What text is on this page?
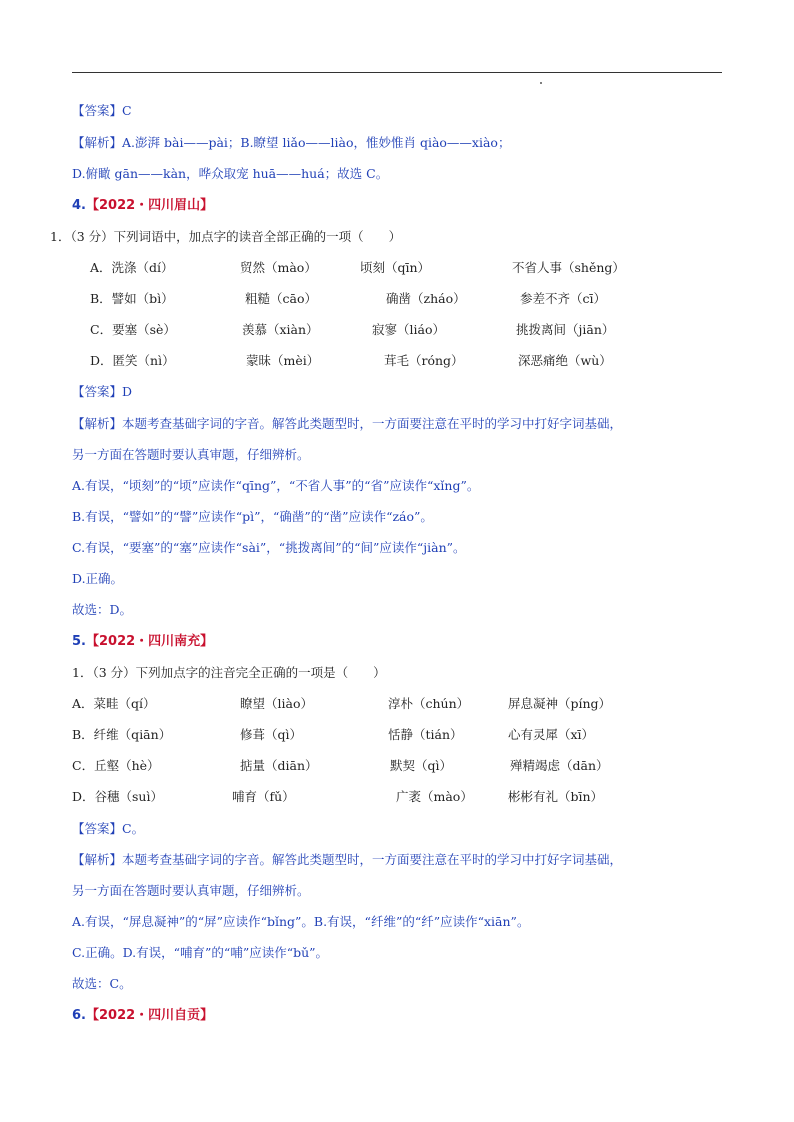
【答案】C
【解析】A.澎湃 bài——pài；B.瞭望 liǎo——liào，惟妙惟肖 qiào——xiào；
D.俯瞰 gān——kàn，哗众取宠 huā——huá；故选 C。
4.【2022・四川眉山】
1．（3 分）下列词语中，加点字的读音全部正确的一项（　　）
A．洗涤（dí）	贸然（mào）	顷刻（qīn）	不省人事（shěng）
B．譬如（bì）	粗糙（cāo）	确凿（zháo）	参差不齐（cī）
C．要塞（sè）	羡慕（xiàn）	寂寥（liáo）	挑拨离间（jiān）
D．匿笑（nì）	蒙昧（mèi）	茸毛（róng）	深恶痛绝（wù）
【答案】D
【解析】本题考查基础字词的字音。解答此类题型时，一方面要注意在平时的学习中打好字词基础，
另一方面在答题时要认真审题，仔细辨析。
A.有误，“顷刻”的“顷”应读作“qīng”，“不省人事”的“省”应读作“xǐng”。
B.有误，“譬如”的“譬”应读作“pì”，“确凿”的“凿”应读作“záo”。
C.有误，“要塞”的“塞”应读作“sài”，“挑拨离间”的“间”应读作“jiàn”。
D.正确。
故选：D。
5.【2022・四川南充】
1．（3 分）下列加点字的注音完全正确的一项是（　　）
A．菜畦（qí）	瞭望（liào）	淳朴（chún）	屏息凝神（píng）
B．纤维（qiān）	修葺（qì）	恬静（tián）	心有灵犀（xī）
C．丘壑（hè）	掂量（diān）	默契（qì）	殚精竭虑（dān）
D．谷穗（suì）	哺育（fǔ）	广袤（mào）	彬彬有礼（bīn）
【答案】C。
【解析】本题考查基础字词的字音。解答此类题型时，一方面要注意在平时的学习中打好字词基础，
另一方面在答题时要认真审题，仔细辨析。
A.有误，“屏息凝神”的“屏”应读作“bǐng”。B.有误，“纤维”的“纤”应读作“xiān”。
C.正确。D.有误，“哺育”的“哺”应读作“bǔ”。
故选：C。
6.【2022・四川自贡】
